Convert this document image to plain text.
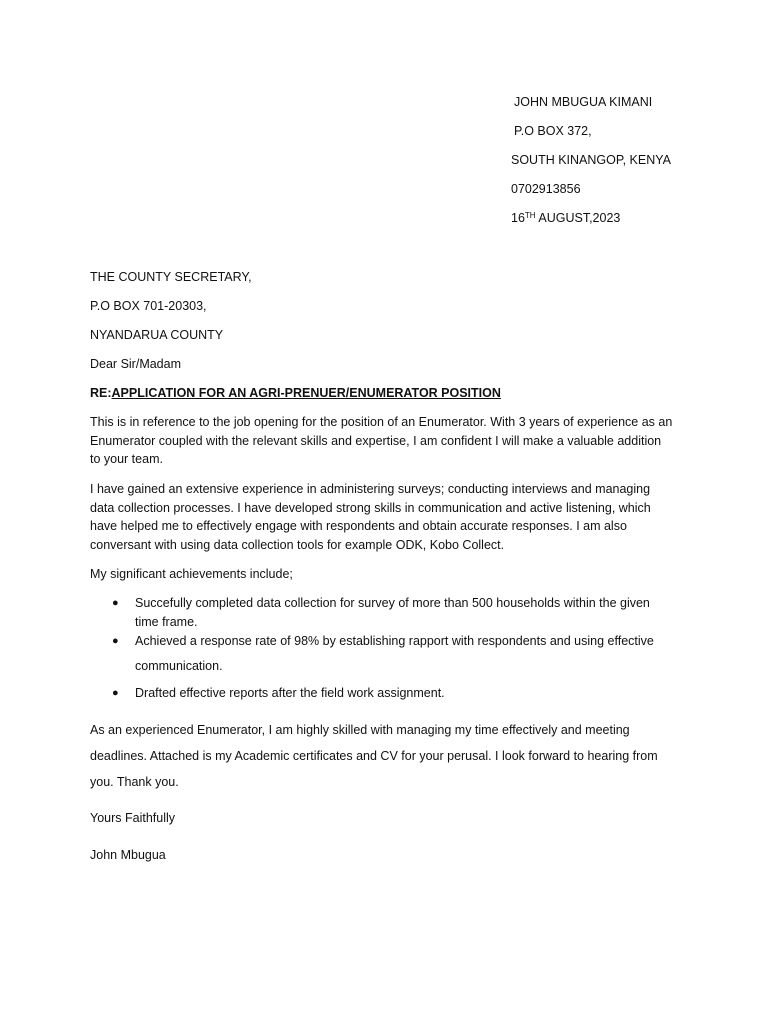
JOHN MBUGUA KIMANI
P.O BOX 372,
SOUTH KINANGOP, KENYA
0702913856
16TH AUGUST,2023
THE COUNTY SECRETARY,
P.O BOX 701-20303,
NYANDARUA COUNTY
Dear Sir/Madam
RE:APPLICATION FOR AN AGRI-PRENUER/ENUMERATOR POSITION
This is in reference to the job opening for the position of an Enumerator. With 3 years of experience as an Enumerator coupled with the relevant skills and expertise, I am confident I will make a valuable addition to your team.
I have gained an extensive experience in administering surveys; conducting interviews and managing data collection processes. I have developed strong skills in communication and active listening, which have helped me to effectively engage with respondents and obtain accurate responses. I am also conversant with using data collection tools for example ODK, Kobo Collect.
My significant achievements include;
●	Succefully completed data collection for survey of more than 500 households within the given time frame.
●	Achieved a response rate of 98% by establishing rapport with respondents and using effective communication.
●	Drafted effective reports after the field work assignment.
As an experienced Enumerator, I am highly skilled with managing my time effectively and meeting deadlines. Attached is my Academic certificates and CV for your perusal. I look forward to hearing from you. Thank you.
Yours Faithfully
John Mbugua
